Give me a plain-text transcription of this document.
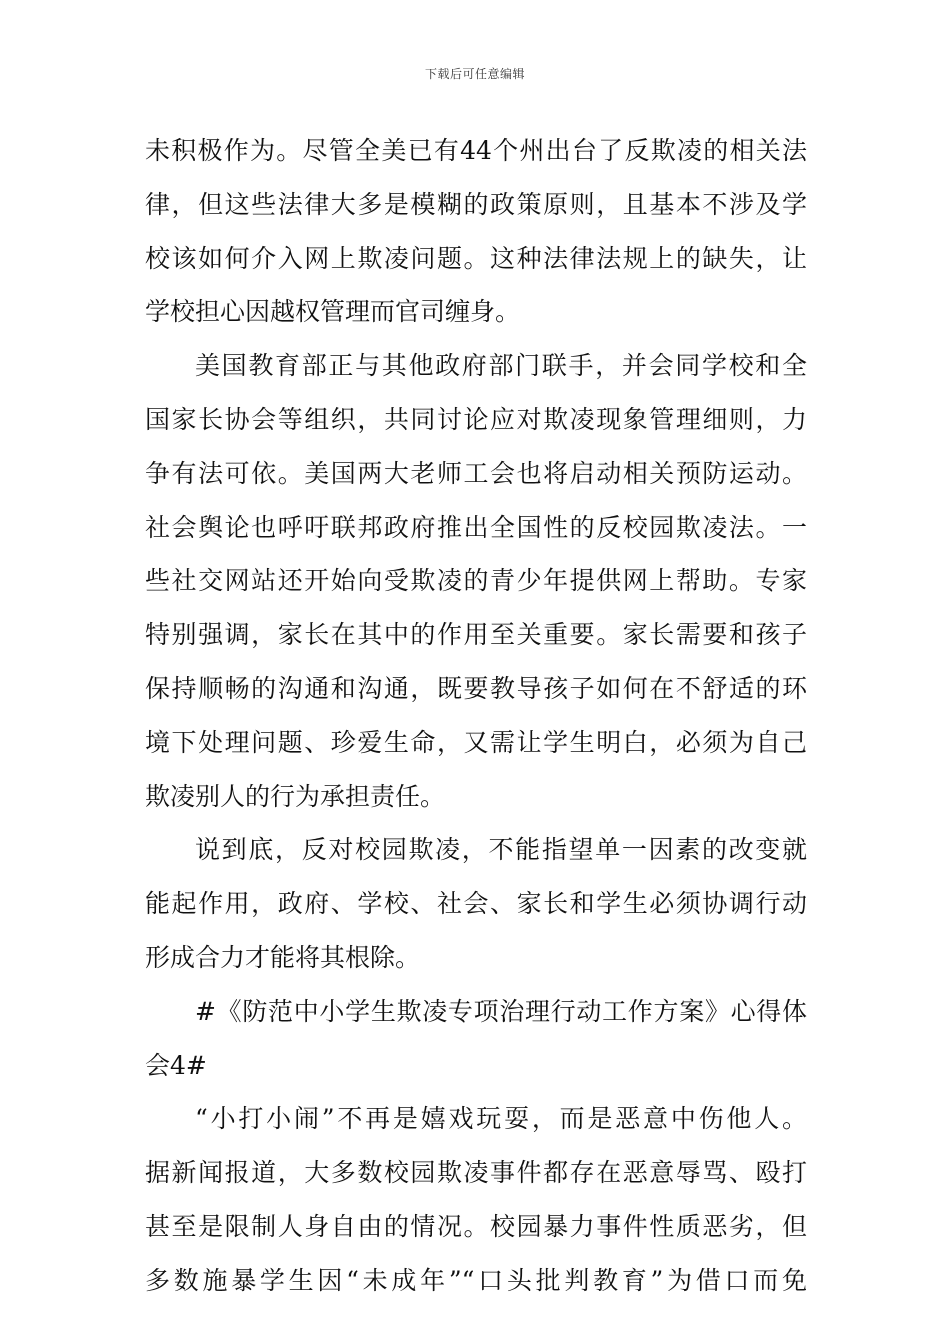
下载后可任意编辑
未积极作为。尽管全美已有44个州出台了反欺凌的相关法
律，但这些法律大多是模糊的政策原则，且基本不涉及学
校该如何介入网上欺凌问题。这种法律法规上的缺失，让
学校担心因越权管理而官司缠身。
美国教育部正与其他政府部门联手，并会同学校和全
国家长协会等组织，共同讨论应对欺凌现象管理细则，力
争有法可依。美国两大老师工会也将启动相关预防运动。
社会舆论也呼吁联邦政府推出全国性的反校园欺凌法。一
些社交网站还开始向受欺凌的青少年提供网上帮助。专家
特别强调，家长在其中的作用至关重要。家长需要和孩子
保持顺畅的沟通和沟通，既要教导孩子如何在不舒适的环
境下处理问题、珍爱生命，又需让学生明白，必须为自己
欺凌别人的行为承担责任。
说到底，反对校园欺凌，不能指望单一因素的改变就
能起作用，政府、学校、社会、家长和学生必须协调行动
形成合力才能将其根除。
#《防范中小学生欺凌专项治理行动工作方案》心得体
会4#
“小打小闹”不再是嬉戏玩耍，而是恶意中伤他人。
据新闻报道，大多数校园欺凌事件都存在恶意辱骂、殴打
甚至是限制人身自由的情况。校园暴力事件性质恶劣，但
多数施暴学生因“未成年”“口头批判教育”为借口而免
